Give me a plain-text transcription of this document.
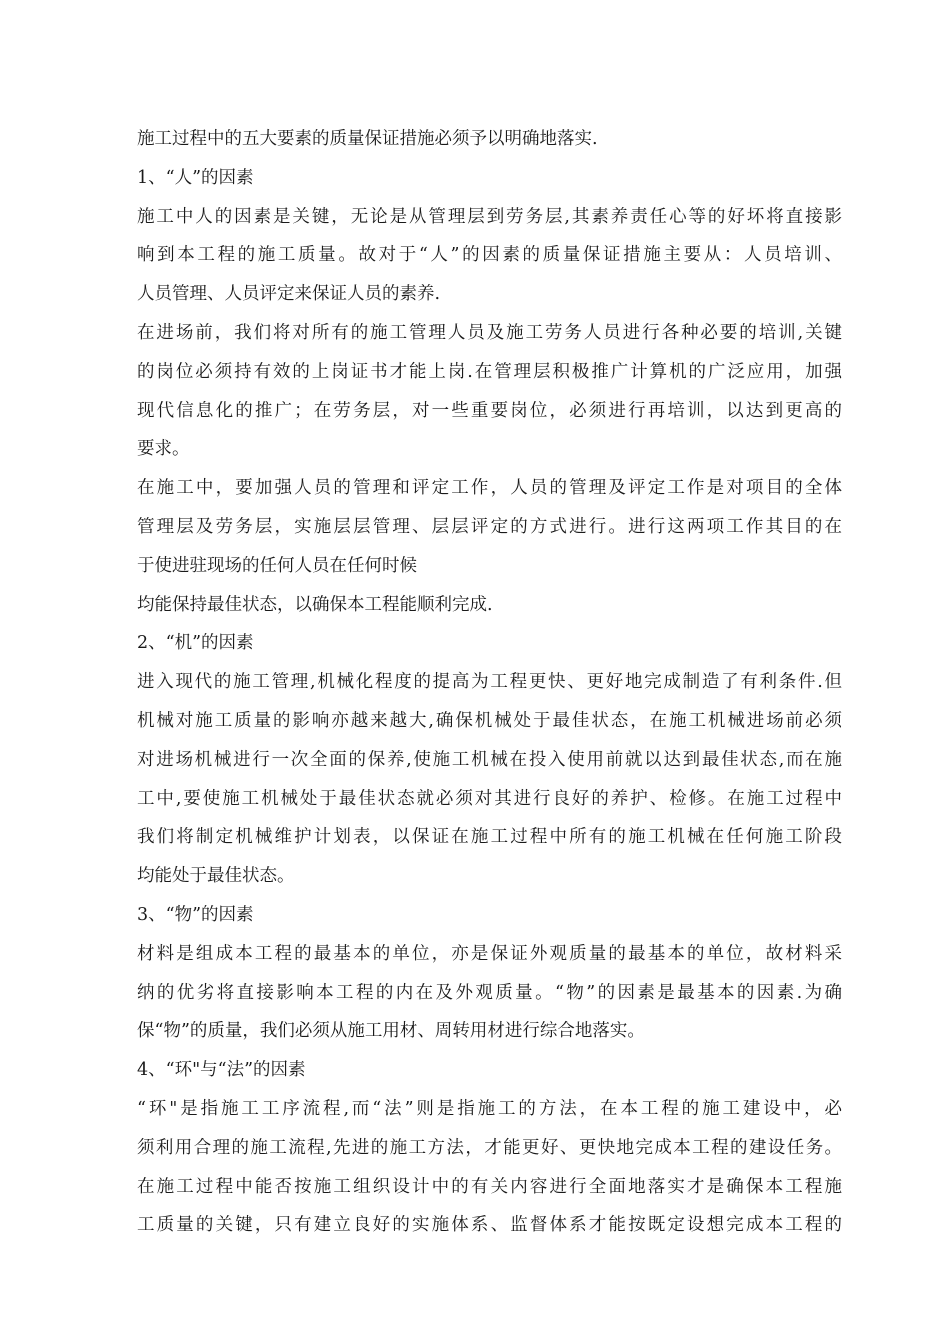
施工过程中的五大要素的质量保证措施必须予以明确地落实.
1、“人”的因素
施工中人的因素是关键，无论是从管理层到劳务层,其素养责任心等的好坏将直接影
响到本工程的施工质量。故对于“人”的因素的质量保证措施主要从：人员培训、
人员管理、人员评定来保证人员的素养.
在进场前，我们将对所有的施工管理人员及施工劳务人员进行各种必要的培训,关键
的岗位必须持有效的上岗证书才能上岗.在管理层积极推广计算机的广泛应用，加强
现代信息化的推广；在劳务层，对一些重要岗位，必须进行再培训，以达到更高的
要求。
在施工中，要加强人员的管理和评定工作，人员的管理及评定工作是对项目的全体
管理层及劳务层，实施层层管理、层层评定的方式进行。进行这两项工作其目的在
于使进驻现场的任何人员在任何时候
均能保持最佳状态，以确保本工程能顺利完成.
2、“机”的因素
进入现代的施工管理,机械化程度的提高为工程更快、更好地完成制造了有利条件.但
机械对施工质量的影响亦越来越大,确保机械处于最佳状态，在施工机械进场前必须
对进场机械进行一次全面的保养,使施工机械在投入使用前就以达到最佳状态,而在施
工中,要使施工机械处于最佳状态就必须对其进行良好的养护、检修。在施工过程中
我们将制定机械维护计划表，以保证在施工过程中所有的施工机械在任何施工阶段
均能处于最佳状态。
3、“物”的因素
材料是组成本工程的最基本的单位，亦是保证外观质量的最基本的单位，故材料采
纳的优劣将直接影响本工程的内在及外观质量。“物”的因素是最基本的因素.为确
保“物”的质量，我们必须从施工用材、周转用材进行综合地落实。
4、“环"与“法”的因素
“环"是指施工工序流程,而“法”则是指施工的方法，在本工程的施工建设中，必
须利用合理的施工流程,先进的施工方法，才能更好、更快地完成本工程的建设任务。
在施工过程中能否按施工组织设计中的有关内容进行全面地落实才是确保本工程施
工质量的关键，只有建立良好的实施体系、监督体系才能按既定设想完成本工程的
